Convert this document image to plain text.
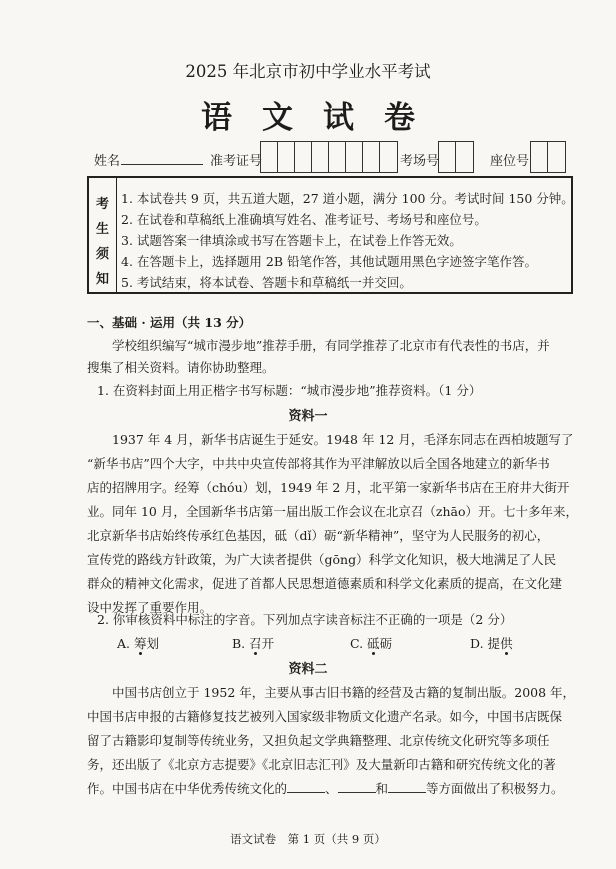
2025 年北京市初中学业水平考试
语文试卷
姓名	准考证号	考场号	座位号
考
生
须
知
1. 本试卷共 9 页，共五道大题，27 道小题，满分 100 分。考试时间 150 分钟。
2. 在试卷和草稿纸上准确填写姓名、准考证号、考场号和座位号。
3. 试题答案一律填涂或书写在答题卡上，在试卷上作答无效。
4. 在答题卡上，选择题用 2B 铅笔作答，其他试题用黑色字迹签字笔作答。
5. 考试结束，将本试卷、答题卡和草稿纸一并交回。
一、基础 · 运用（共 13 分）
学校组织编写“城市漫步地”推荐手册，有同学推荐了北京市有代表性的书店，并
搜集了相关资料。请你协助整理。
1. 在资料封面上用正楷字书写标题：“城市漫步地”推荐资料。（1 分）
资料一
1937 年 4 月，新华书店诞生于延安。1948 年 12 月，毛泽东同志在西柏坡题写了
“新华书店”四个大字，中共中央宣传部将其作为平津解放以后全国各地建立的新华书
店的招牌用字。经筹（chóu）划，1949 年 2 月，北平第一家新华书店在王府井大街开
业。同年 10 月，全国新华书店第一届出版工作会议在北京召（zhāo）开。七十多年来，
北京新华书店始终传承红色基因，砥（dǐ）砺“新华精神”，坚守为人民服务的初心，
宣传党的路线方针政策，为广大读者提供（gōng）科学文化知识，极大地满足了人民
群众的精神文化需求，促进了首都人民思想道德素质和科学文化素质的提高，在文化建
设中发挥了重要作用。
2. 你审核资料中标注的字音。下列加点字读音标注不正确的一项是（2 分）
A. 筹划	B. 召开	C. 砥砺	D. 提供
资料二
中国书店创立于 1952 年，主要从事古旧书籍的经营及古籍的复制出版。2008 年，
中国书店申报的古籍修复技艺被列入国家级非物质文化遗产名录。如今，中国书店既保
留了古籍影印复制等传统业务，又担负起文学典籍整理、北京传统文化研究等多项任
务，还出版了《北京方志提要》《北京旧志汇刊》及大量新印古籍和研究传统文化的著
作。中国书店在中华优秀传统文化的	、	和	等方面做出了积极努力。
语文试卷　第 1 页（共 9 页）
